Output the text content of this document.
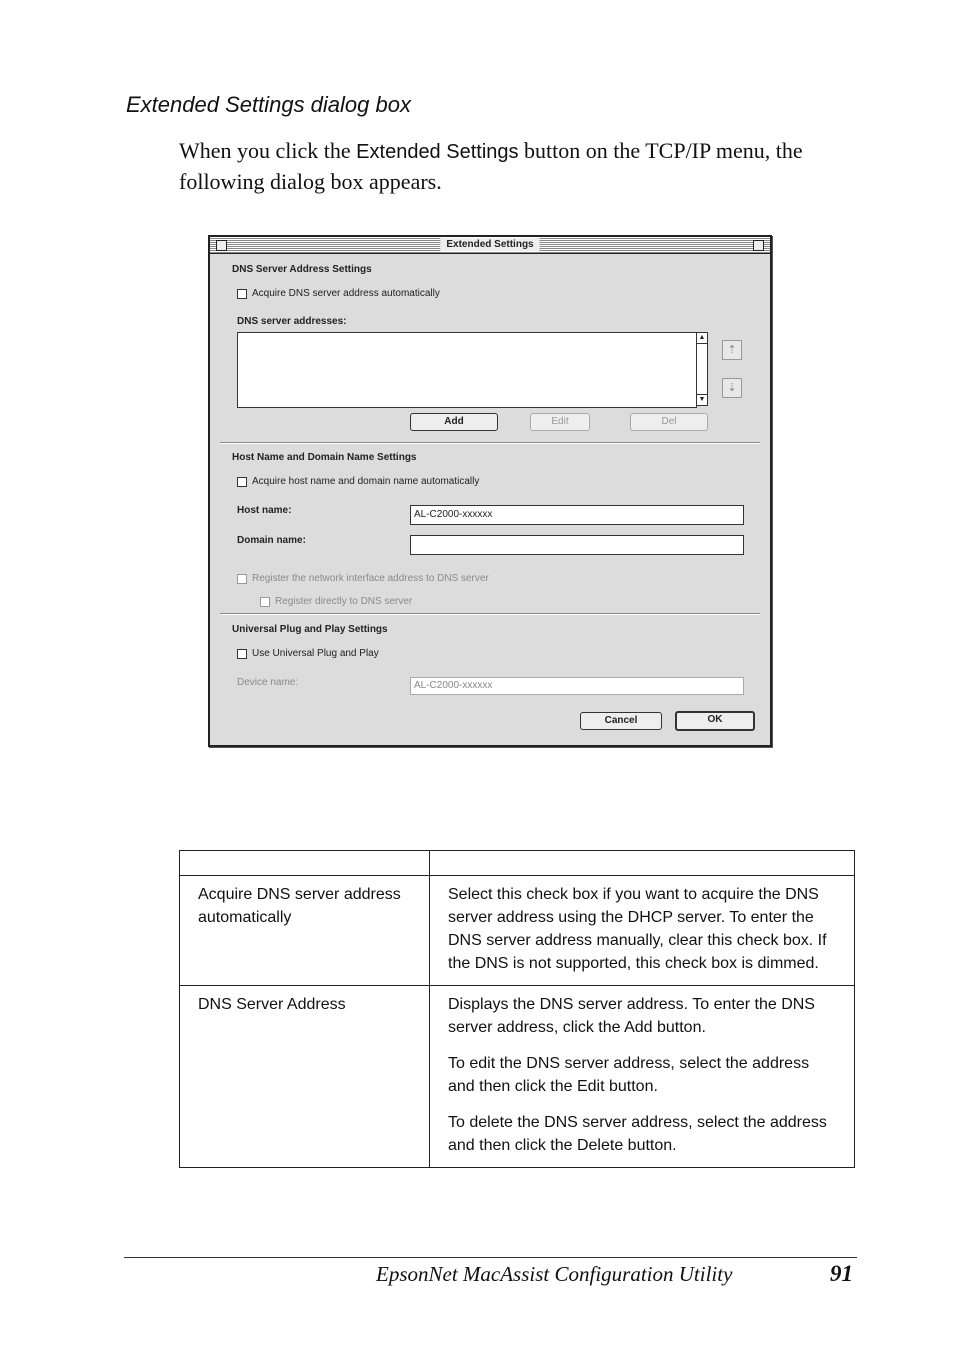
Extended Settings dialog box
When you click the Extended Settings button on the TCP/IP menu, the following dialog box appears.
Extended Settings
DNS Server Address Settings
Acquire DNS server address automatically
DNS server addresses:
▲
▼
⇡
⇣
Add	Edit	Del
Host Name and Domain Name Settings
Acquire host name and domain name automatically
Host name:	AL-C2000-xxxxxx
Domain name:
Register the network interface address to DNS server
Register directly to DNS server
Universal Plug and Play Settings
Use Universal Plug and Play
Device name:	AL-C2000-xxxxxx
Cancel	OK

Acquire DNS server address automatically	Select this check box if you want to acquire the DNS server address using the DHCP server. To enter the DNS server address manually, clear this check box. If the DNS is not supported, this check box is dimmed.

DNS Server Address	Displays the DNS server address. To enter the DNS server address, click the Add button.

To edit the DNS server address, select the address and then click the Edit button.

To delete the DNS server address, select the address and then click the Delete button.

EpsonNet MacAssist Configuration Utility	91
